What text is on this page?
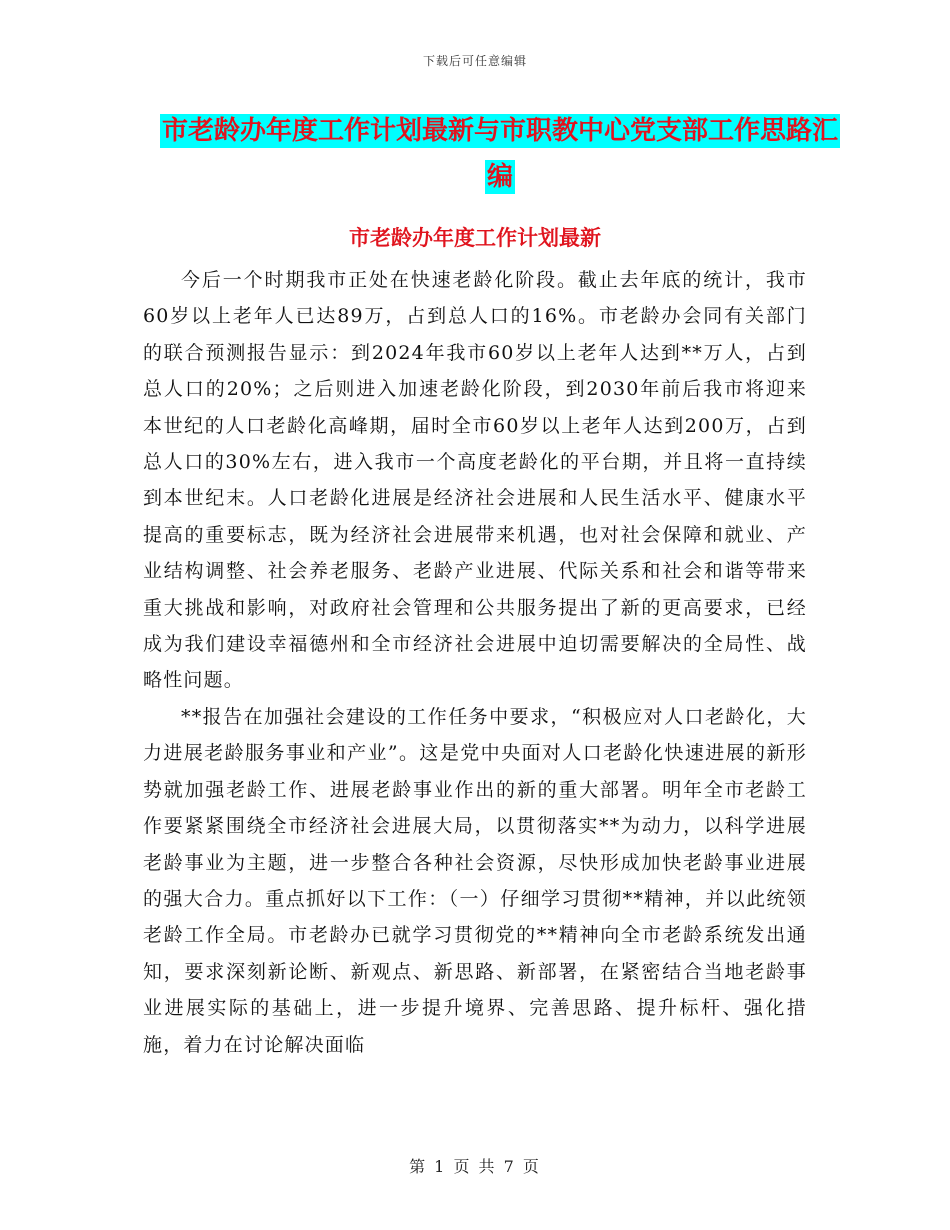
下载后可任意编辑
市老龄办年度工作计划最新与市职教中心党支部工作思路汇编
市老龄办年度工作计划最新

今后一个时期我市正处在快速老龄化阶段。截止去年底的统计，我市60岁以上老年人已达89万，占到总人口的16%。市老龄办会同有关部门的联合预测报告显示：到2024年我市60岁以上老年人达到**万人，占到总人口的20%；之后则进入加速老龄化阶段，到2030年前后我市将迎来本世纪的人口老龄化高峰期，届时全市60岁以上老年人达到200万，占到总人口的30%左右，进入我市一个高度老龄化的平台期，并且将一直持续到本世纪末。人口老龄化进展是经济社会进展和人民生活水平、健康水平提高的重要标志，既为经济社会进展带来机遇，也对社会保障和就业、产业结构调整、社会养老服务、老龄产业进展、代际关系和社会和谐等带来重大挑战和影响，对政府社会管理和公共服务提出了新的更高要求，已经成为我们建设幸福德州和全市经济社会进展中迫切需要解决的全局性、战略性问题。

**报告在加强社会建设的工作任务中要求，“积极应对人口老龄化，大力进展老龄服务事业和产业”。这是党中央面对人口老龄化快速进展的新形势就加强老龄工作、进展老龄事业作出的新的重大部署。明年全市老龄工作要紧紧围绕全市经济社会进展大局，以贯彻落实**为动力，以科学进展老龄事业为主题，进一步整合各种社会资源，尽快形成加快老龄事业进展的强大合力。重点抓好以下工作：（一）仔细学习贯彻**精神，并以此统领老龄工作全局。市老龄办已就学习贯彻党的**精神向全市老龄系统发出通知，要求深刻新论断、新观点、新思路、新部署，在紧密结合当地老龄事业进展实际的基础上，进一步提升境界、完善思路、提升标杆、强化措施，着力在讨论解决面临

第 1 页 共 7 页
